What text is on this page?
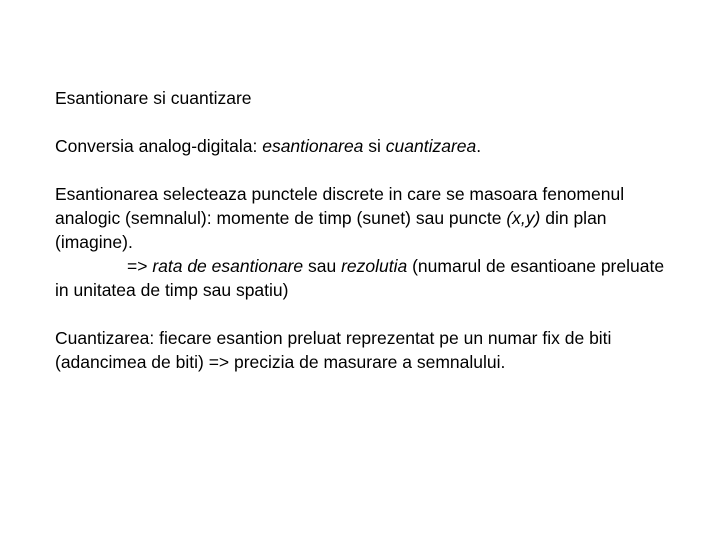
Esantionare si cuantizare

Conversia analog-digitala: esantionarea si cuantizarea.

Esantionarea selecteaza punctele discrete in care se masoara fenomenul analogic (semnalul): momente de timp (sunet) sau puncte (x,y) din plan (imagine).
=> rata de esantionare sau rezolutia (numarul de esantioane preluate in unitatea de timp sau spatiu)

Cuantizarea: fiecare esantion preluat reprezentat pe un numar fix de biti (adancimea de biti) => precizia de masurare a semnalului.
